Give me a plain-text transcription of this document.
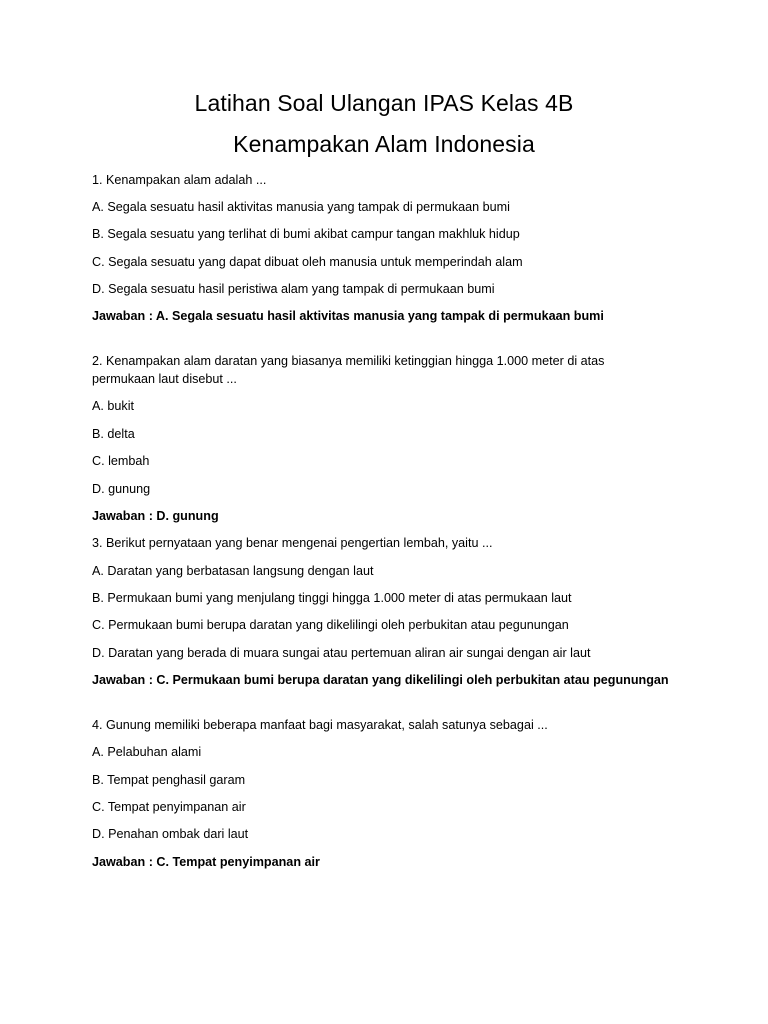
Latihan Soal Ulangan IPAS Kelas 4B
Kenampakan Alam Indonesia

1. Kenampakan alam adalah ...

A. Segala sesuatu hasil aktivitas manusia yang tampak di permukaan bumi

B. Segala sesuatu yang terlihat di bumi akibat campur tangan makhluk hidup

C. Segala sesuatu yang dapat dibuat oleh manusia untuk memperindah alam

D. Segala sesuatu hasil peristiwa alam yang tampak di permukaan bumi

Jawaban : A. Segala sesuatu hasil aktivitas manusia yang tampak di permukaan bumi

2. Kenampakan alam daratan yang biasanya memiliki ketinggian hingga 1.000 meter di atas permukaan laut disebut ...

A. bukit

B. delta

C. lembah

D. gunung

Jawaban : D. gunung

3. Berikut pernyataan yang benar mengenai pengertian lembah, yaitu ...

A. Daratan yang berbatasan langsung dengan laut

B. Permukaan bumi yang menjulang tinggi hingga 1.000 meter di atas permukaan laut

C. Permukaan bumi berupa daratan yang dikelilingi oleh perbukitan atau pegunungan

D. Daratan yang berada di muara sungai atau pertemuan aliran air sungai dengan air laut

Jawaban : C. Permukaan bumi berupa daratan yang dikelilingi oleh perbukitan atau pegunungan

4. Gunung memiliki beberapa manfaat bagi masyarakat, salah satunya sebagai ...

A. Pelabuhan alami

B. Tempat penghasil garam

C. Tempat penyimpanan air

D. Penahan ombak dari laut

Jawaban : C. Tempat penyimpanan air
